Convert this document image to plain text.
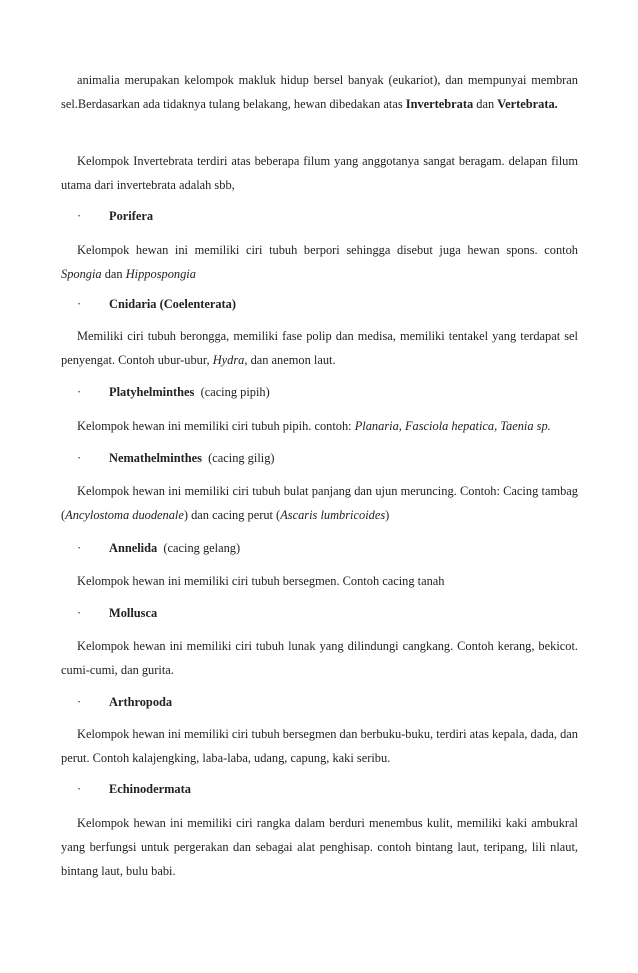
animalia merupakan kelompok makluk hidup bersel banyak (eukariot), dan mempunyai membran sel.Berdasarkan ada tidaknya tulang belakang, hewan dibedakan atas Invertebrata dan Vertebrata.

Kelompok Invertebrata terdiri atas beberapa filum yang anggotanya sangat beragam. delapan filum utama dari invertebrata adalah sbb,

· Porifera

Kelompok hewan ini memiliki ciri tubuh berpori sehingga disebut juga hewan spons. contoh Spongia dan Hippospongia

· Cnidaria (Coelenterata)

Memiliki ciri tubuh berongga, memiliki fase polip dan medisa, memiliki tentakel yang terdapat sel penyengat. Contoh ubur-ubur, Hydra, dan anemon laut.

· Platyhelminthes (cacing pipih)

Kelompok hewan ini memiliki ciri tubuh pipih. contoh: Planaria, Fasciola hepatica, Taenia sp.

· Nemathelminthes (cacing gilig)

Kelompok hewan ini memiliki ciri tubuh bulat panjang dan ujun meruncing. Contoh: Cacing tambag (Ancylostoma duodenale) dan cacing perut (Ascaris lumbricoides)

· Annelida (cacing gelang)

Kelompok hewan ini memiliki ciri tubuh bersegmen. Contoh cacing tanah

· Mollusca

Kelompok hewan ini memiliki ciri tubuh lunak yang dilindungi cangkang. Contoh kerang, bekicot. cumi-cumi, dan gurita.

· Arthropoda

Kelompok hewan ini memiliki ciri tubuh bersegmen dan berbuku-buku, terdiri atas kepala, dada, dan perut. Contoh kalajengking, laba-laba, udang, capung, kaki seribu.

· Echinodermata

Kelompok hewan ini memiliki ciri rangka dalam berduri menembus kulit, memiliki kaki ambukral yang berfungsi untuk pergerakan dan sebagai alat penghisap. contoh bintang laut, teripang, lili nlaut, bintang laut, bulu babi.
